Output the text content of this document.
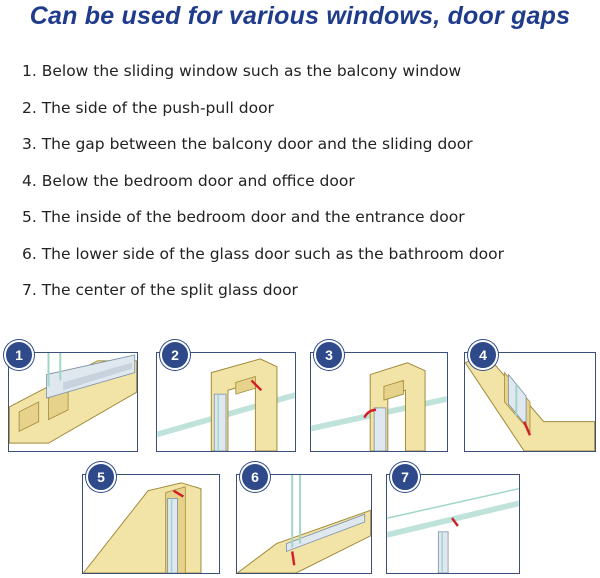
Can be used for various windows, door gaps
1. Below the sliding window such as the balcony window
2. The side of the push-pull door
3. The gap between the balcony door and the sliding door
4. Below the bedroom door and office door
5. The inside of the bedroom door and the entrance door
6. The lower side of the glass door such as the bathroom door
7. The center of the split glass door
1	2	3	4
5	6	7
